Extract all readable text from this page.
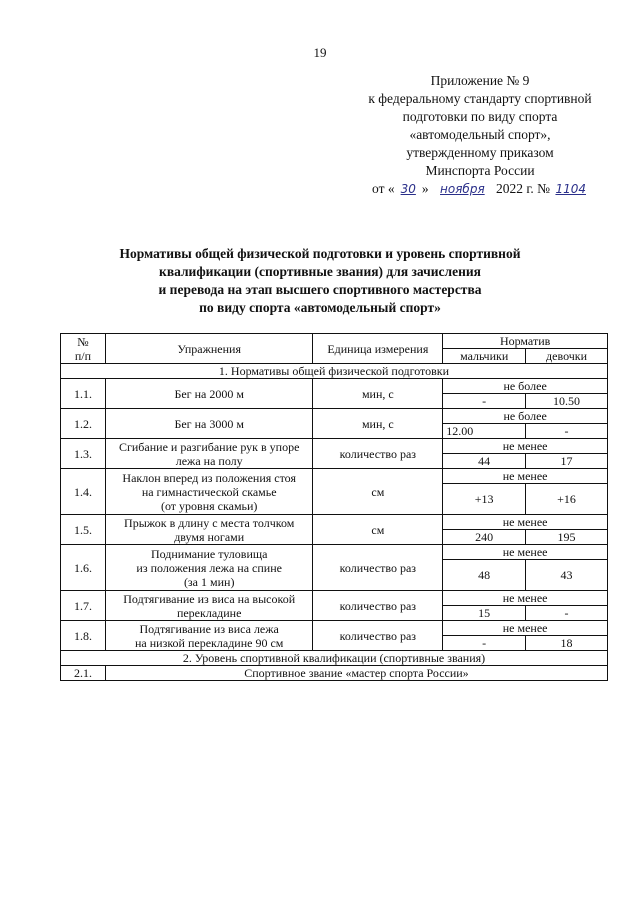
19
Приложение № 9
к федеральному стандарту спортивной
подготовки по виду спорта
«автомодельный спорт»,
утвержденному приказом
Минспорта России
от « 30 » ноября 2022 г. № 1104
Нормативы общей физической подготовки и уровень спортивной
квалификации (спортивные звания) для зачисления
и перевода на этап высшего спортивного мастерства
по виду спорта «автомодельный спорт»
№
п/п	Упражнения	Единица измерения	Норматив	
			мальчики	девочки
1. Нормативы общей физической подготовки				
1.1.	Бег на 2000 м	мин, с	не более	
			-	10.50
1.2.	Бег на 3000 м	мин, с	не более	
			12.00	-
1.3.	Сгибание и разгибание рук в упоре
лежа на полу	количество раз	не менее	
			44	17
1.4.	Наклон вперед из положения стоя
на гимнастической скамье
(от уровня скамьи)	см	не менее	
			+13	+16
1.5.	Прыжок в длину с места толчком
двумя ногами	см	не менее	
			240	195
1.6.	Поднимание туловища
из положения лежа на спине
(за 1 мин)	количество раз	не менее	
			48	43
1.7.	Подтягивание из виса на высокой
перекладине	количество раз	не менее	
			15	-
1.8.	Подтягивание из виса лежа
на низкой перекладине 90 см	количество раз	не менее	
			-	18
2. Уровень спортивной квалификации (спортивные звания)				
2.1.	Спортивное звание «мастер спорта России»			
